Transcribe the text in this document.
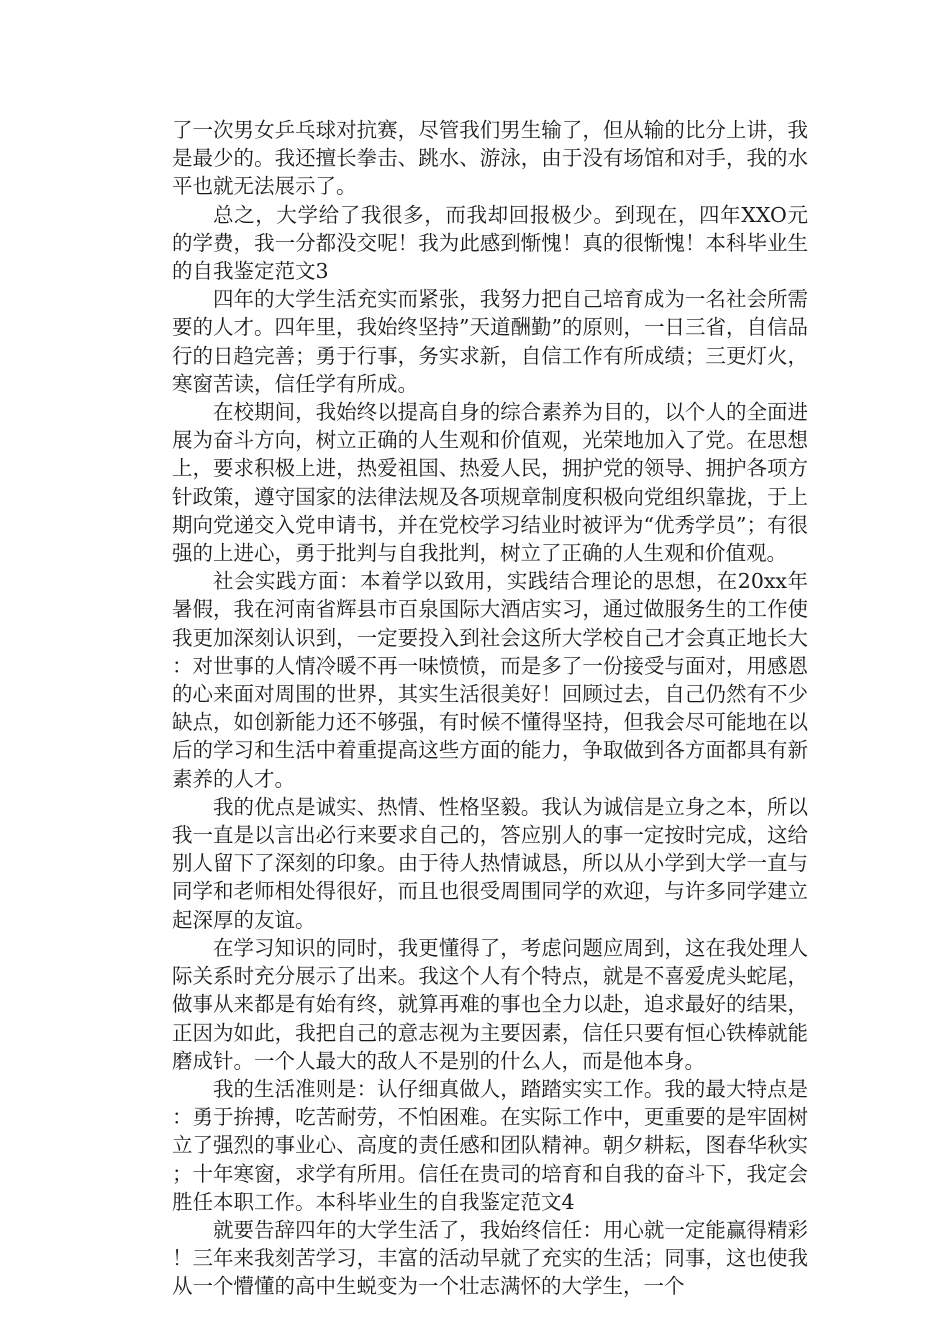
了一次男女乒乓球对抗赛，尽管我们男生输了，但从输的比分上讲，我是最少的。我还擅长拳击、跳水、游泳，由于没有场馆和对手，我的水平也就无法展示了。

总之，大学给了我很多，而我却回报极少。到现在，四年XXO元的学费，我一分都没交呢！我为此感到惭愧！真的很惭愧！本科毕业生的自我鉴定范文3

四年的大学生活充实而紧张，我努力把自己培育成为一名社会所需要的人才。四年里，我始终坚持”天道酬勤”的原则，一日三省，自信品行的日趋完善；勇于行事，务实求新，自信工作有所成绩；三更灯火，寒窗苦读，信任学有所成。

在校期间，我始终以提高自身的综合素养为目的，以个人的全面进展为奋斗方向，树立正确的人生观和价值观，光荣地加入了党。在思想上，要求积极上进，热爱祖国、热爱人民，拥护党的领导、拥护各项方针政策，遵守国家的法律法规及各项规章制度积极向党组织靠拢，于上期向党递交入党申请书，并在党校学习结业时被评为“优秀学员”；有很强的上进心，勇于批判与自我批判，树立了正确的人生观和价值观。

社会实践方面：本着学以致用，实践结合理论的思想，在20xx年暑假，我在河南省辉县市百泉国际大酒店实习，通过做服务生的工作使我更加深刻认识到，一定要投入到社会这所大学校自己才会真正地长大：对世事的人情冷暖不再一味愤愤，而是多了一份接受与面对，用感恩的心来面对周围的世界，其实生活很美好！回顾过去，自己仍然有不少缺点，如创新能力还不够强，有时候不懂得坚持，但我会尽可能地在以后的学习和生活中着重提高这些方面的能力，争取做到各方面都具有新素养的人才。

我的优点是诚实、热情、性格坚毅。我认为诚信是立身之本，所以我一直是以言出必行来要求自己的，答应别人的事一定按时完成，这给别人留下了深刻的印象。由于待人热情诚恳，所以从小学到大学一直与同学和老师相处得很好，而且也很受周围同学的欢迎，与许多同学建立起深厚的友谊。

在学习知识的同时，我更懂得了，考虑问题应周到，这在我处理人际关系时充分展示了出来。我这个人有个特点，就是不喜爱虎头蛇尾，做事从来都是有始有终，就算再难的事也全力以赴，追求最好的结果，正因为如此，我把自己的意志视为主要因素，信任只要有恒心铁棒就能磨成针。一个人最大的敌人不是别的什么人，而是他本身。

我的生活准则是：认仔细真做人，踏踏实实工作。我的最大特点是：勇于拚搏，吃苦耐劳，不怕困难。在实际工作中，更重要的是牢固树立了强烈的事业心、高度的责任感和团队精神。朝夕耕耘，图春华秋实；十年寒窗，求学有所用。信任在贵司的培育和自我的奋斗下，我定会胜任本职工作。本科毕业生的自我鉴定范文4

就要告辞四年的大学生活了，我始终信任：用心就一定能赢得精彩！三年来我刻苦学习，丰富的活动早就了充实的生活；同事，这也使我从一个懵懂的高中生蜕变为一个壮志满怀的大学生，一个
